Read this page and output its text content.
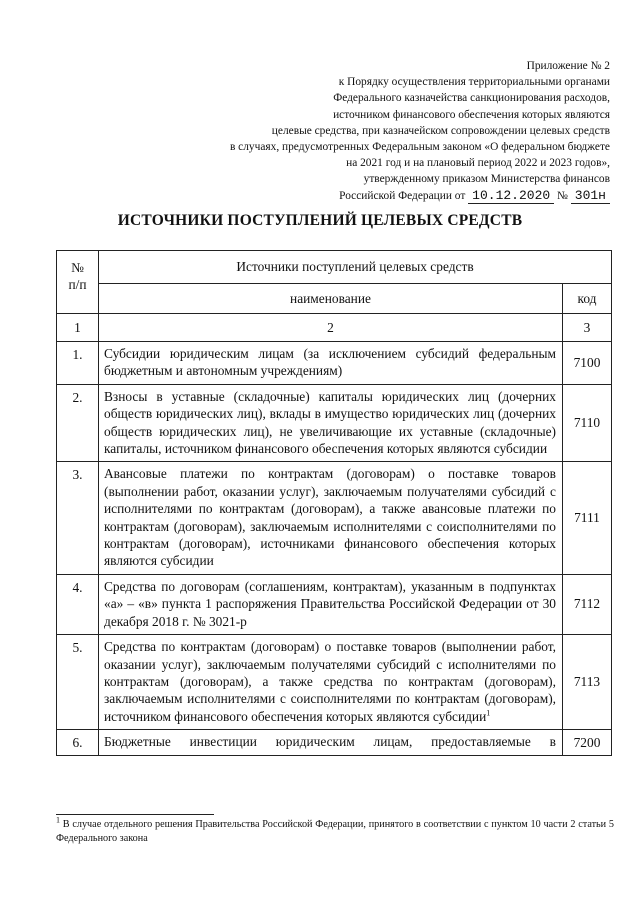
Приложение № 2
к Порядку осуществления территориальными органами
Федерального казначейства санкционирования расходов,
источником финансового обеспечения которых являются
целевые средства, при казначейском сопровождении целевых средств
в случаях, предусмотренных Федеральным законом «О федеральном бюджете
на 2021 год и на плановый период 2022 и 2023 годов»,
утвержденному приказом Министерства финансов
Российской Федерации от 10.12.2020 № 301н
ИСТОЧНИКИ ПОСТУПЛЕНИЙ ЦЕЛЕВЫХ СРЕДСТВ
№
п/п	Источники поступлений целевых средств	
	наименование	код
1	2	3
1.	Субсидии юридическим лицам (за исключением субсидий федеральным бюджетным и автономным учреждениям)	7100
2.	Взносы в уставные (складочные) капиталы юридических лиц (дочерних обществ юридических лиц), вклады в имущество юридических лиц (дочерних обществ юридических лиц), не увеличивающие их уставные (складочные) капиталы, источником финансового обеспечения которых являются субсидии	7110
3.	Авансовые платежи по контрактам (договорам) о поставке товаров (выполнении работ, оказании услуг), заключаемым получателями субсидий с исполнителями по контрактам (договорам), а также авансовые платежи по контрактам (договорам), заключаемым исполнителями с соисполнителями по контрактам (договорам), источниками финансового обеспечения которых являются субсидии	7111
4.	Средства по договорам (соглашениям, контрактам), указанным в подпунктах «а» – «в» пункта 1 распоряжения Правительства Российской Федерации от 30 декабря 2018 г. № 3021-р	7112
5.	Средства по контрактам (договорам) о поставке товаров (выполнении работ, оказании услуг), заключаемым получателями субсидий с исполнителями по контрактам (договорам), а также средства по контрактам (договорам), заключаемым исполнителями с соисполнителями по контрактам (договорам), источником финансового обеспечения которых являются субсидии$^1$	7113
6.	Бюджетные инвестиции юридическим лицам, предоставляемые в	7200
$^1$ В случае отдельного решения Правительства Российской Федерации, принятого в соответствии с пунктом 10 части 2 статьи 5 Федерального закона
